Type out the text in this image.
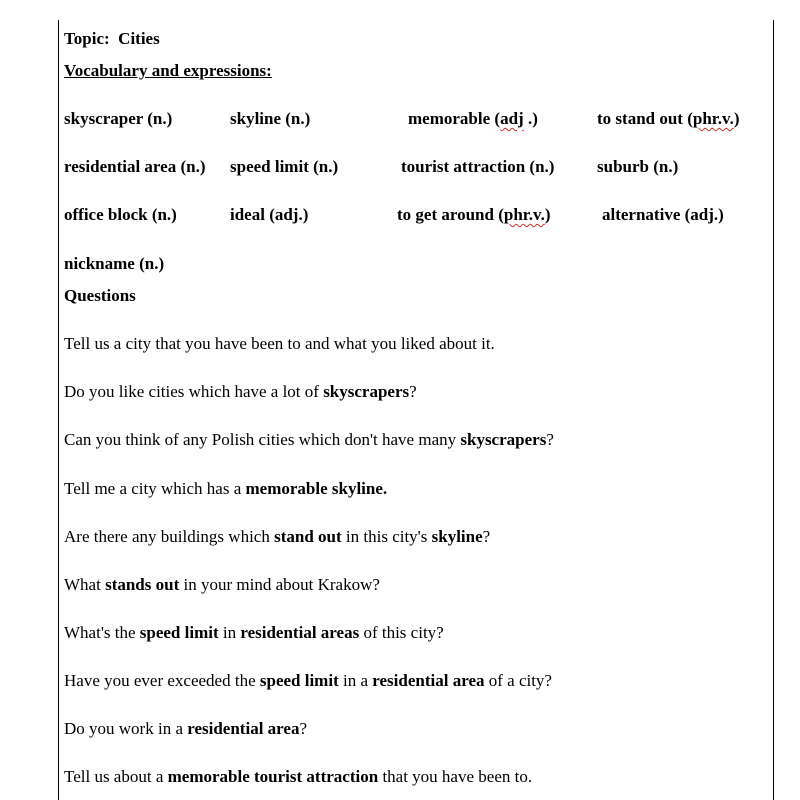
Topic: Cities
Vocabulary and expressions:
skyscraper (n.)	skyline (n.)	memorable (adj .)	to stand out (phr.v.)
residential area (n.) speed limit (n.)	tourist attraction (n.)	suburb (n.)
office block (n.)	ideal (adj.)	to get around (phr.v.)	alternative (adj.)
nickname (n.)
Questions
Tell us a city that you have been to and what you liked about it.
Do you like cities which have a lot of skyscrapers?
Can you think of any Polish cities which don't have many skyscrapers?
Tell me a city which has a memorable skyline.
Are there any buildings which stand out in this city's skyline?
What stands out in your mind about Krakow?
What's the speed limit in residential areas of this city?
Have you ever exceeded the speed limit in a residential area of a city?
Do you work in a residential area?
Tell us about a memorable tourist attraction that you have been to.
